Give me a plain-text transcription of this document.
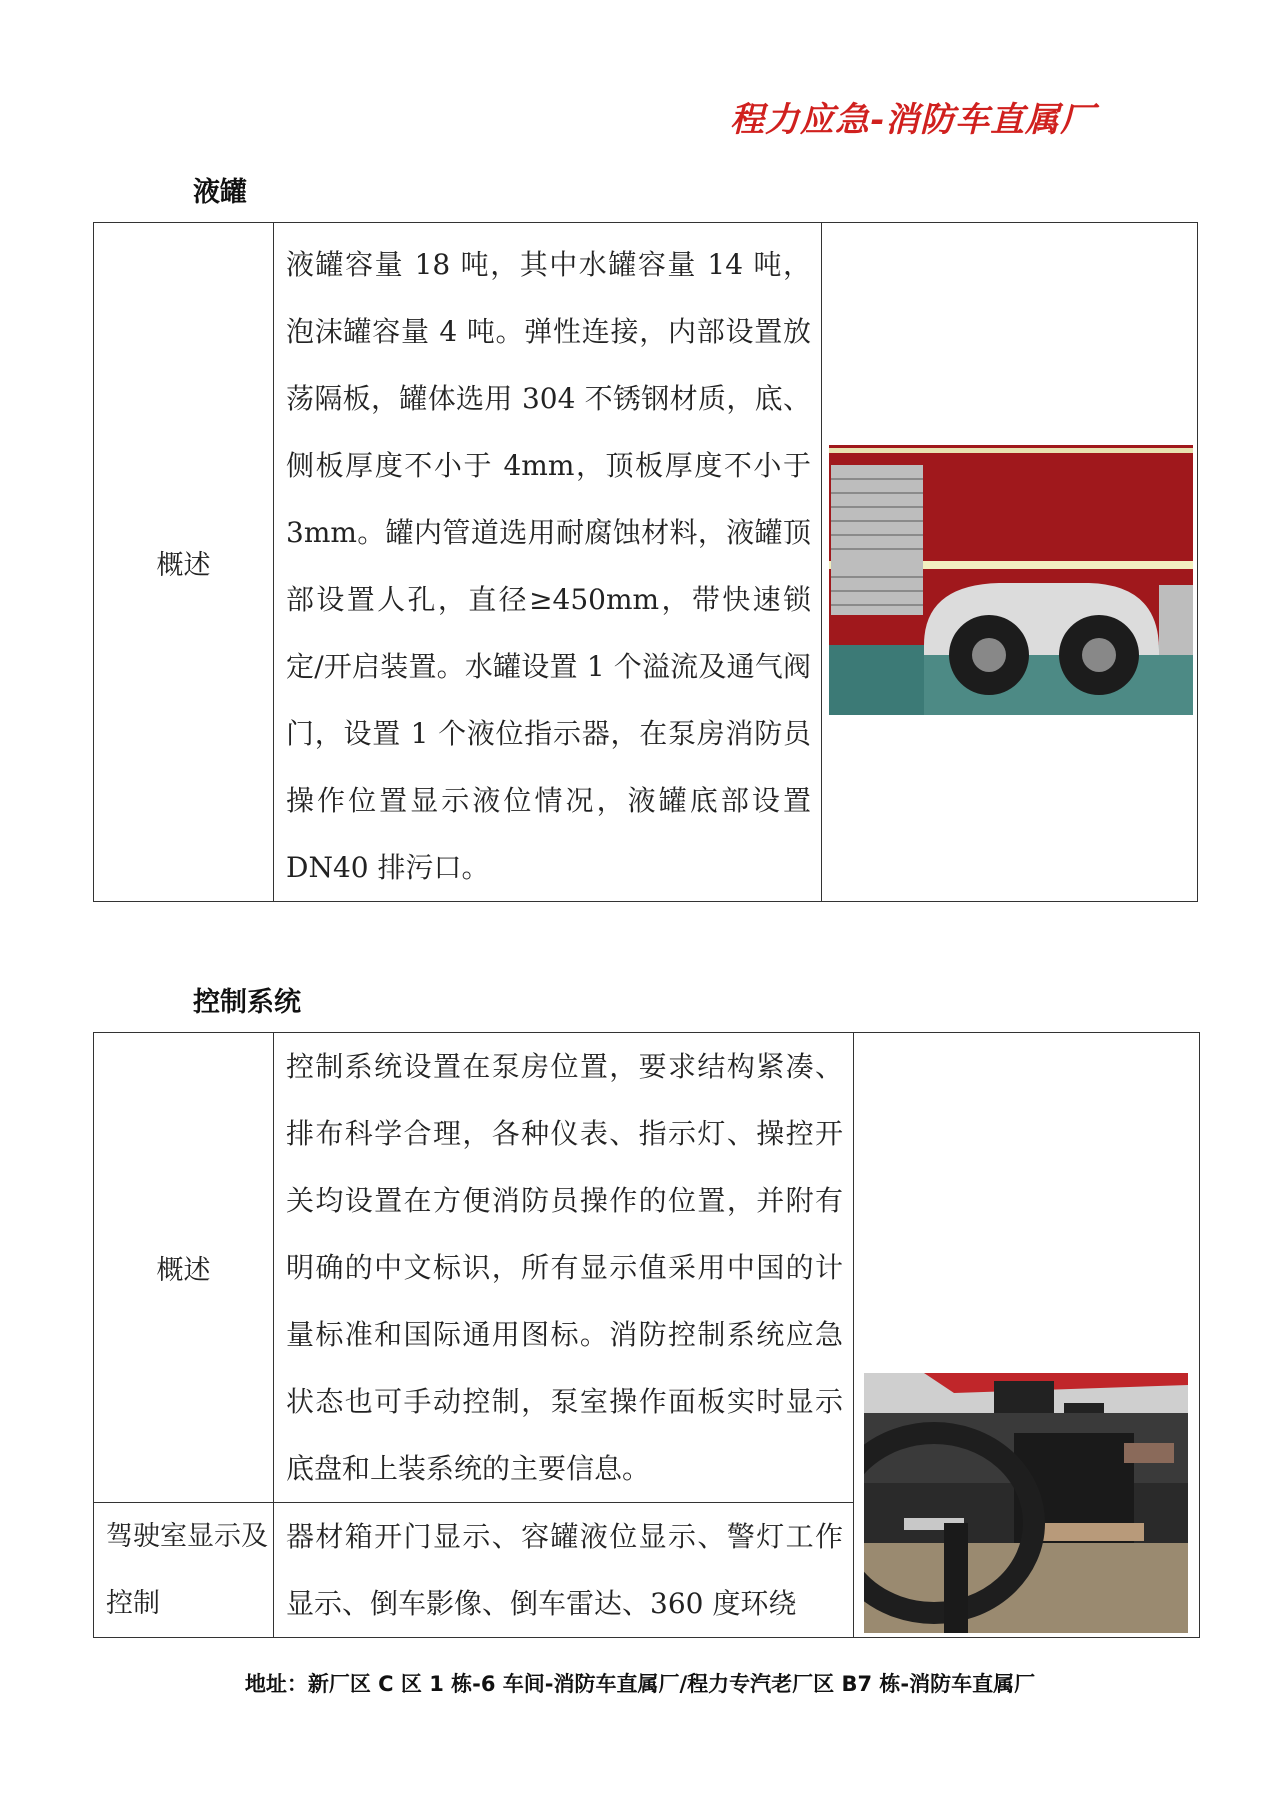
程力应急-消防车直属厂
液罐
概述	液罐容量 18 吨，其中水罐容量 14 吨，泡沫罐容量 4 吨。弹性连接，内部设置放荡隔板，罐体选用 304 不锈钢材质，底、侧板厚度不小于 4mm，顶板厚度不小于 3mm。罐内管道选用耐腐蚀材料，液罐顶部设置人孔，直径≥450mm，带快速锁定/开启装置。水罐设置 1 个溢流及通气阀门，设置 1 个液位指示器，在泵房消防员操作位置显示液位情况，液罐底部设置 DN40 排污口。	
控制系统
概述	控制系统设置在泵房位置，要求结构紧凑、排布科学合理，各种仪表、指示灯、操控开关均设置在方便消防员操作的位置，并附有明确的中文标识，所有显示值采用中国的计量标准和国际通用图标。消防控制系统应急状态也可手动控制，泵室操作面板实时显示底盘和上装系统的主要信息。	

驾驶室显示及控制	器材箱开门显示、容罐液位显示、警灯工作显示、倒车影像、倒车雷达、360 度环绕	
地址：新厂区 C 区 1 栋-6 车间-消防车直属厂/程力专汽老厂区 B7 栋-消防车直属厂
